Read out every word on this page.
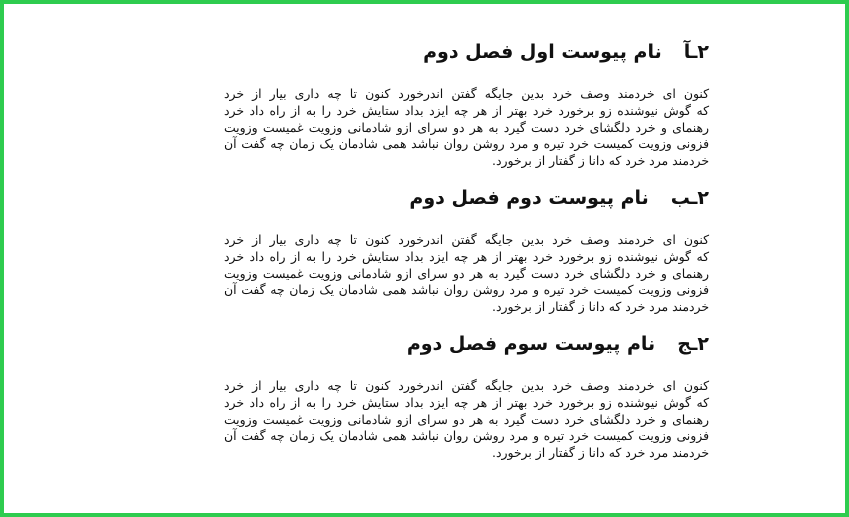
۲ـآنام پیوست اول فصل دوم

کنون ای خردمند وصف خرد بدین جایگه گفتن اندرخورد کنون تا چه داری بیار از خرد
که گوش نیوشنده زو برخورد خرد بهتر از هر چه ایزد بداد ستایش خرد را به از راه داد خرد
رهنمای و خرد دلگشای خرد دست گیرد به هر دو سرای ازو شادمانی وزویت غمیست وزویت
فزونی وزویت کمیست خرد تیره و مرد روشن روان نباشد همی شادمان یک زمان چه گفت آن
خردمند مرد خرد که دانا ز گفتار از برخورد.

۲ـبنام پیوست دوم فصل دوم

کنون ای خردمند وصف خرد بدین جایگه گفتن اندرخورد کنون تا چه داری بیار از خرد
که گوش نیوشنده زو برخورد خرد بهتر از هر چه ایزد بداد ستایش خرد را به از راه داد خرد
رهنمای و خرد دلگشای خرد دست گیرد به هر دو سرای ازو شادمانی وزویت غمیست وزویت
فزونی وزویت کمیست خرد تیره و مرد روشن روان نباشد همی شادمان یک زمان چه گفت آن
خردمند مرد خرد که دانا ز گفتار از برخورد.

۲ـجنام پیوست سوم فصل دوم

کنون ای خردمند وصف خرد بدین جایگه گفتن اندرخورد کنون تا چه داری بیار از خرد
که گوش نیوشنده زو برخورد خرد بهتر از هر چه ایزد بداد ستایش خرد را به از راه داد خرد
رهنمای و خرد دلگشای خرد دست گیرد به هر دو سرای ازو شادمانی وزویت غمیست وزویت
فزونی وزویت کمیست خرد تیره و مرد روشن روان نباشد همی شادمان یک زمان چه گفت آن
خردمند مرد خرد که دانا ز گفتار از برخورد.
